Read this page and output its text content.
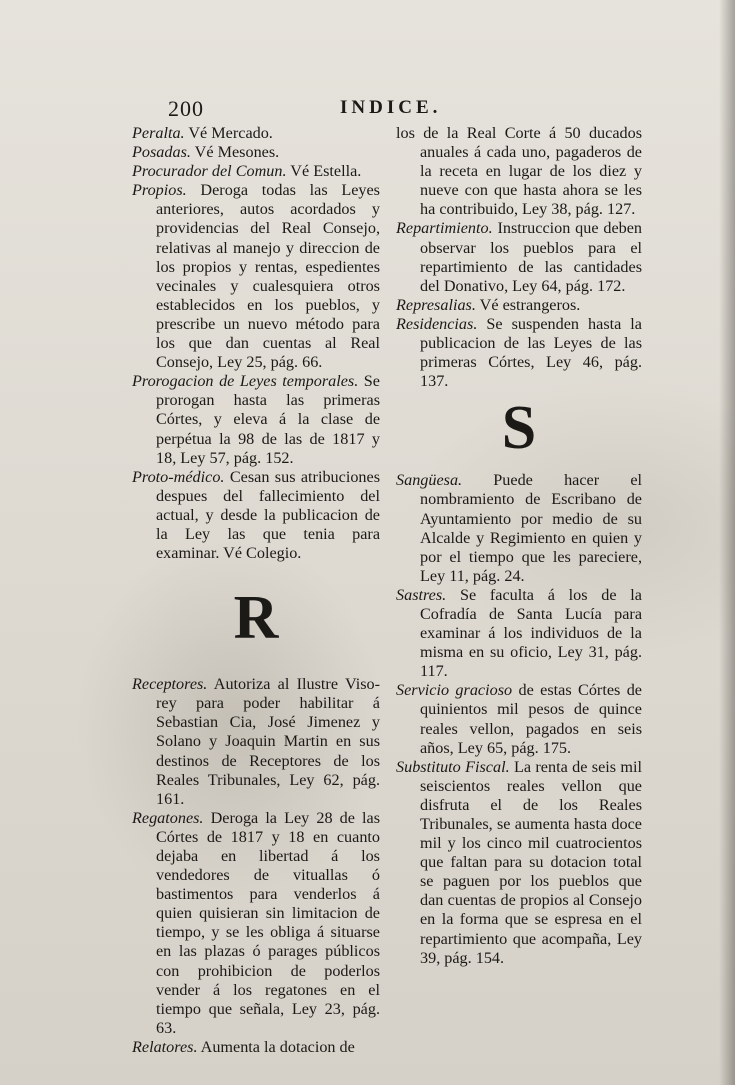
200	INDICE.

Peralta. Vé Mercado.

Posadas. Vé Mesones.

Procurador del Comun. Vé Estella.

Propios. Deroga todas las Leyes anteriores, autos acordados y providencias del Real Consejo, relativas al manejo y direccion de los propios y rentas, espedientes vecinales y cualesquiera otros establecidos en los pueblos, y prescribe un nuevo método para los que dan cuentas al Real Consejo, Ley 25, pág. 66.

Prorogacion de Leyes temporales. Se prorogan hasta las primeras Córtes, y eleva á la clase de perpétua la 98 de las de 1817 y 18, Ley 57, pág. 152.

Proto-médico. Cesan sus atribuciones despues del fallecimiento del actual, y desde la publicacion de la Ley las que tenia para examinar. Vé Colegio.

R

Receptores. Autoriza al Ilustre Viso-rey para poder habilitar á Sebastian Cia, José Jimenez y Solano y Joaquin Martin en sus destinos de Receptores de los Reales Tribunales, Ley 62, pág. 161.

Regatones. Deroga la Ley 28 de las Córtes de 1817 y 18 en cuanto dejaba en libertad á los vendedores de vituallas ó bastimentos para venderlos á quien quisieran sin limitacion de tiempo, y se les obliga á situarse en las plazas ó parages públicos con prohibicion de poderlos vender á los regatones en el tiempo que señala, Ley 23, pág. 63.

Relatores. Aumenta la dotacion de

los de la Real Corte á 50 ducados anuales á cada uno, pagaderos de la receta en lugar de los diez y nueve con que hasta ahora se les ha contribuido, Ley 38, pág. 127.

Repartimiento. Instruccion que deben observar los pueblos para el repartimiento de las cantidades del Donativo, Ley 64, pág. 172.

Represalias. Vé estrangeros.

Residencias. Se suspenden hasta la publicacion de las Leyes de las primeras Córtes, Ley 46, pág. 137.

S

Sangüesa. Puede hacer el nombramiento de Escribano de Ayuntamiento por medio de su Alcalde y Regimiento en quien y por el tiempo que les pareciere, Ley 11, pág. 24.

Sastres. Se faculta á los de la Cofradía de Santa Lucía para examinar á los individuos de la misma en su oficio, Ley 31, pág. 117.

Servicio gracioso de estas Córtes de quinientos mil pesos de quince reales vellon, pagados en seis años, Ley 65, pág. 175.

Substituto Fiscal. La renta de seis mil seiscientos reales vellon que disfruta el de los Reales Tribunales, se aumenta hasta doce mil y los cinco mil cuatrocientos que faltan para su dotacion total se paguen por los pueblos que dan cuentas de propios al Consejo en la forma que se espresa en el repartimiento que acompaña, Ley 39, pág. 154.
